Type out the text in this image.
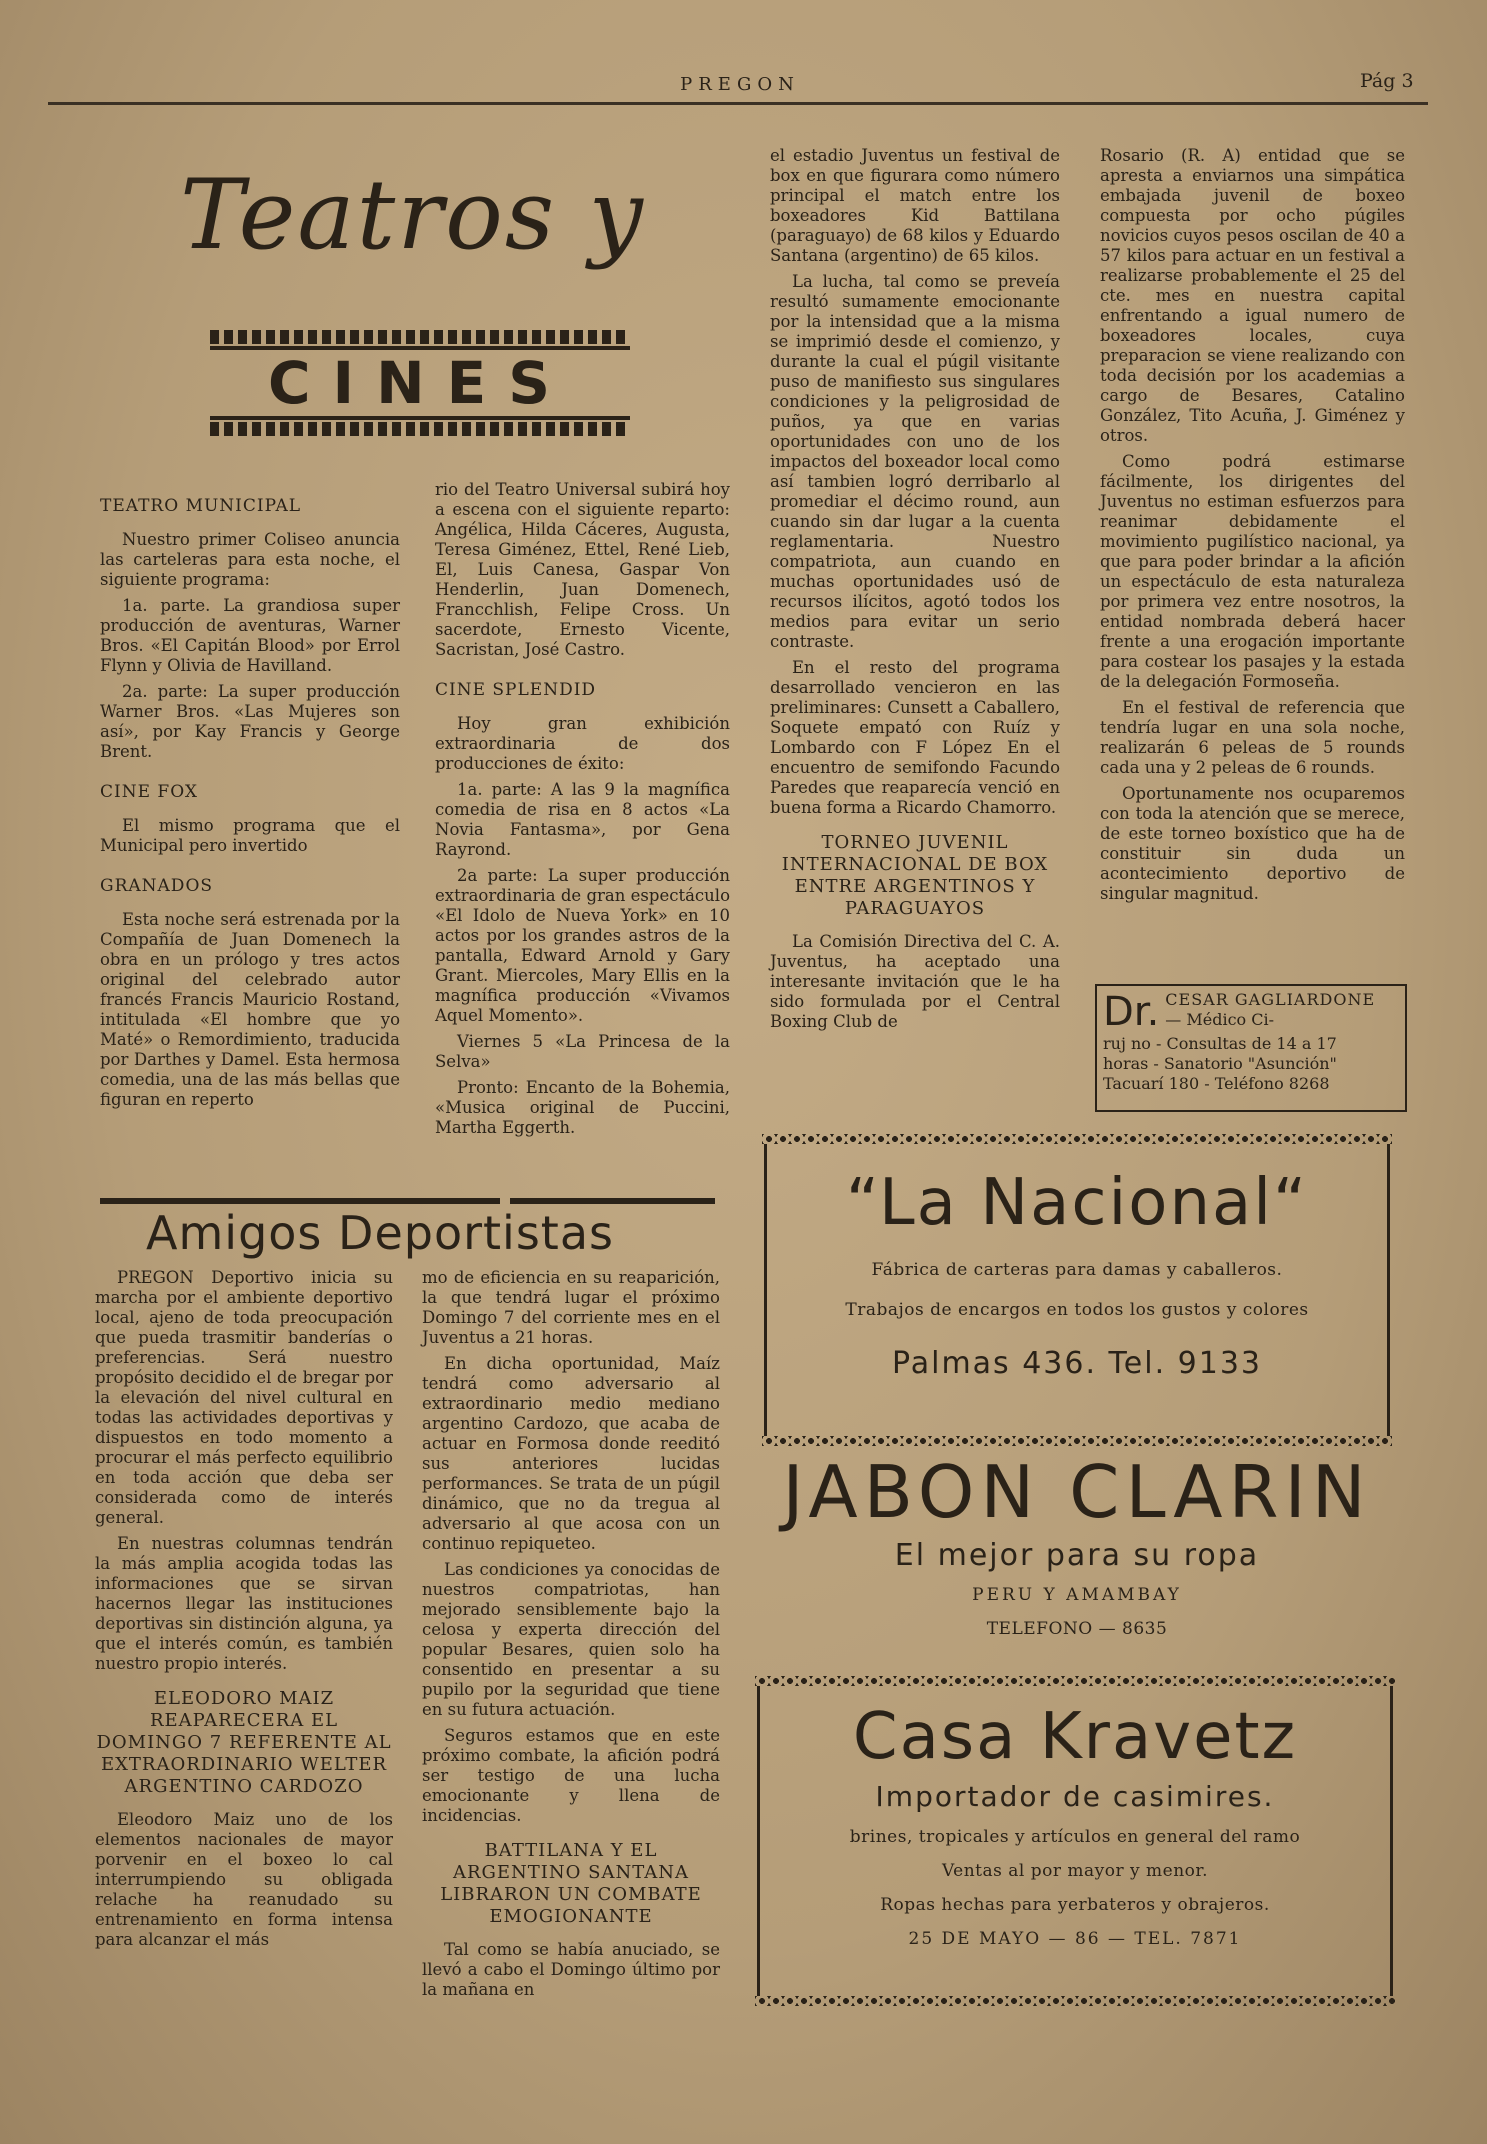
PREGON	Pág 3
Teatros y
CINES
TEATRO MUNICIPAL

Nuestro primer Coliseo anuncia las carteleras para esta noche, el siguiente programa:

1a. parte. La grandiosa super producción de aventuras, Warner Bros. «El Capitán Blood» por Errol Flynn y Olivia de Havilland.

2a. parte: La super producción Warner Bros. «Las Mujeres son así», por Kay Francis y George Brent.

CINE FOX

El mismo programa que el Municipal pero invertido

GRANADOS

Esta noche será estrenada por la Compañía de Juan Domenech la obra en un prólogo y tres actos original del celebrado autor francés Francis Mauricio Rostand, intitulada «El hombre que yo Maté» o Remordimiento, traducida por Darthes y Damel. Esta hermosa comedia, una de las más bellas que figuran en reperto

rio del Teatro Universal subirá hoy a escena con el siguiente reparto: Angélica, Hilda Cáceres, Augusta, Teresa Giménez, Ettel, René Lieb, El, Luis Canesa, Gaspar Von Henderlin, Juan Domenech, Francchlish, Felipe Cross. Un sacerdote, Ernesto Vicente, Sacristan, José Castro.

CINE SPLENDID

Hoy gran exhibición extraordinaria de dos producciones de éxito:

1a. parte: A las 9 la magnífica comedia de risa en 8 actos «La Novia Fantasma», por Gena Rayrond.

2a parte: La super producción extraordinaria de gran espectáculo «El Idolo de Nueva York» en 10 actos por los grandes astros de la pantalla, Edward Arnold y Gary Grant. Miercoles, Mary Ellis en la magnífica producción «Vivamos Aquel Momento».

Viernes 5 «La Princesa de la Selva»

Pronto: Encanto de la Bohemia, «Musica original de Puccini, Martha Eggerth.

el estadio Juventus un festival de box en que figurara como número principal el match entre los boxeadores Kid Battilana (paraguayo) de 68 kilos y Eduardo Santana (argentino) de 65 kilos.

La lucha, tal como se preveía resultó sumamente emocionante por la intensidad que a la misma se imprimió desde el comienzo, y durante la cual el púgil visitante puso de manifiesto sus singulares condiciones y la peligrosidad de puños, ya que en varias oportunidades con uno de los impactos del boxeador local como así tambien logró derribarlo al promediar el décimo round, aun cuando sin dar lugar a la cuenta reglamentaria. Nuestro compatriota, aun cuando en muchas oportunidades usó de recursos ilícitos, agotó todos los medios para evitar un serio contraste.

En el resto del programa desarrollado vencieron en las preliminares: Cunsett a Caballero, Soquete empató con Ruíz y Lombardo con F López En el encuentro de semifondo Facundo Paredes que reaparecía venció en buena forma a Ricardo Chamorro.

TORNEO JUVENIL INTERNACIONAL DE BOX ENTRE ARGENTINOS Y PARAGUAYOS

La Comisión Directiva del C. A. Juventus, ha aceptado una interesante invitación que le ha sido formulada por el Central Boxing Club de

Rosario (R. A) entidad que se apresta a enviarnos una simpática embajada juvenil de boxeo compuesta por ocho púgiles novicios cuyos pesos oscilan de 40 a 57 kilos para actuar en un festival a realizarse probablemente el 25 del cte. mes en nuestra capital enfrentando a igual numero de boxeadores locales, cuya preparacion se viene realizando con toda decisión por los academias a cargo de Besares, Catalino González, Tito Acuña, J. Giménez y otros.

Como podrá estimarse fácilmente, los dirigentes del Juventus no estiman esfuerzos para reanimar debidamente el movimiento pugilístico nacional, ya que para poder brindar a la afición un espectáculo de esta naturaleza por primera vez entre nosotros, la entidad nombrada deberá hacer frente a una erogación importante para costear los pasajes y la estada de la delegación Formoseña.

En el festival de referencia que tendría lugar en una sola noche, realizarán 6 peleas de 5 rounds cada una y 2 peleas de 6 rounds.

Oportunamente nos ocuparemos con toda la atención que se merece, de este torneo boxístico que ha de constituir sin duda un acontecimiento deportivo de singular magnitud.

Dr. CESAR GAGLIARDONE
— Médico Ci-
ruj no - Consultas de 14 a 17
horas - Sanatorio "Asunción"
Tacuarí 180 - Teléfono 8268
Amigos Deportistas

PREGON Deportivo inicia su marcha por el ambiente deportivo local, ajeno de toda preocupación que pueda trasmitir banderías o preferencias. Será nuestro propósito decidido el de bregar por la elevación del nivel cultural en todas las actividades deportivas y dispuestos en todo momento a procurar el más perfecto equilibrio en toda acción que deba ser considerada como de interés general.

En nuestras columnas tendrán la más amplia acogida todas las informaciones que se sirvan hacernos llegar las instituciones deportivas sin distinción alguna, ya que el interés común, es también nuestro propio interés.

ELEODORO MAIZ REAPARECERA EL DOMINGO 7 REFERENTE AL EXTRAORDINARIO WELTER ARGENTINO CARDOZO

Eleodoro Maiz uno de los elementos nacionales de mayor porvenir en el boxeo lo cal interrumpiendo su obligada relache ha reanudado su entrenamiento en forma intensa para alcanzar el más

mo de eficiencia en su reaparición, la que tendrá lugar el próximo Domingo 7 del corriente mes en el Juventus a 21 horas.

En dicha oportunidad, Maíz tendrá como adversario al extraordinario medio mediano argentino Cardozo, que acaba de actuar en Formosa donde reeditó sus anteriores lucidas performances. Se trata de un púgil dinámico, que no da tregua al adversario al que acosa con un continuo repiqueteo.

Las condiciones ya conocidas de nuestros compatriotas, han mejorado sensiblemente bajo la celosa y experta dirección del popular Besares, quien solo ha consentido en presentar a su pupilo por la seguridad que tiene en su futura actuación.

Seguros estamos que en este próximo combate, la afición podrá ser testigo de una lucha emocionante y llena de incidencias.

BATTILANA Y EL ARGENTINO SANTANA LIBRARON UN COMBATE EMOGIONANTE

Tal como se había anuciado, se llevó a cabo el Domingo último por la mañana en

“La Nacional“
Fábrica de carteras para damas y caballeros.
Trabajos de encargos en todos los gustos y colores
Palmas 436. Tel. 9133
JABON CLARIN
El mejor para su ropa
PERU Y AMAMBAY
TELEFONO — 8635
Casa Kravetz
Importador de casimires.
brines, tropicales y artículos en general del ramo
Ventas al por mayor y menor.
Ropas hechas para yerbateros y obrajeros.
25 DE MAYO — 86 — TEL. 7871
